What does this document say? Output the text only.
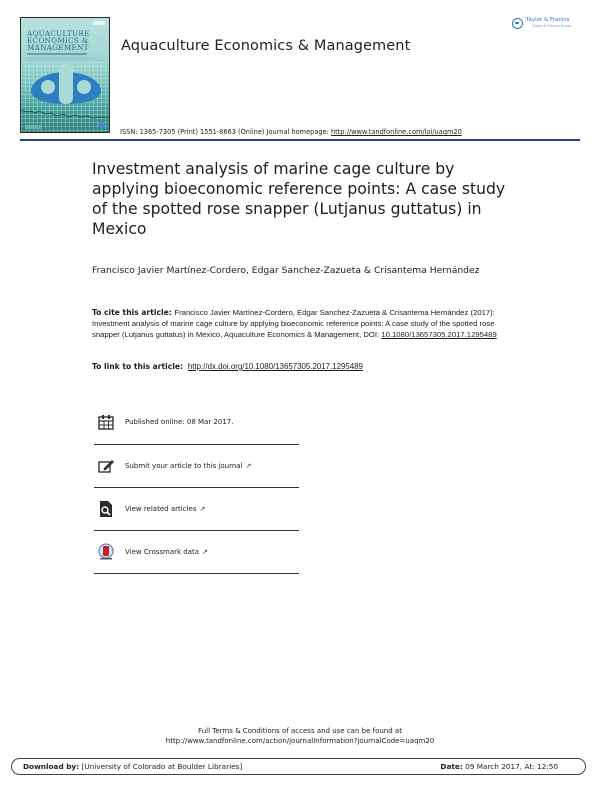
AQUACULTURE
ECONOMICS &
MANAGEMENT	Aquaculture Economics & Management
Taylor & Francis
Taylor & Francis Group
ISSN: 1365-7305 (Print) 1551-8663 (Online) Journal homepage: http://www.tandfonline.com/loi/uaqm20
Investment analysis of marine cage culture by applying bioeconomic reference points: A case study of the spotted rose snapper (Lutjanus guttatus) in Mexico
Francisco Javier Martínez-Cordero, Edgar Sanchez-Zazueta & Crisantema Hernández
To cite this article: Francisco Javier Martínez-Cordero, Edgar Sanchez-Zazueta & Crisantema Hernández (2017): Investment analysis of marine cage culture by applying bioeconomic reference points: A case study of the spotted rose snapper (Lutjanus guttatus) in Mexico, Aquaculture Economics & Management, DOI: 10.1080/13657305.2017.1295489
To link to this article:  http://dx.doi.org/10.1080/13657305.2017.1295489
Published online: 08 Mar 2017.
Submit your article to this journal ↗
View related articles ↗
View Crossmark data ↗
Full Terms & Conditions of access and use can be found at
http://www.tandfonline.com/action/journalInformation?journalCode=uaqm20
Download by: [University of Colorado at Boulder Libraries]	Date: 09 March 2017, At: 12:50
